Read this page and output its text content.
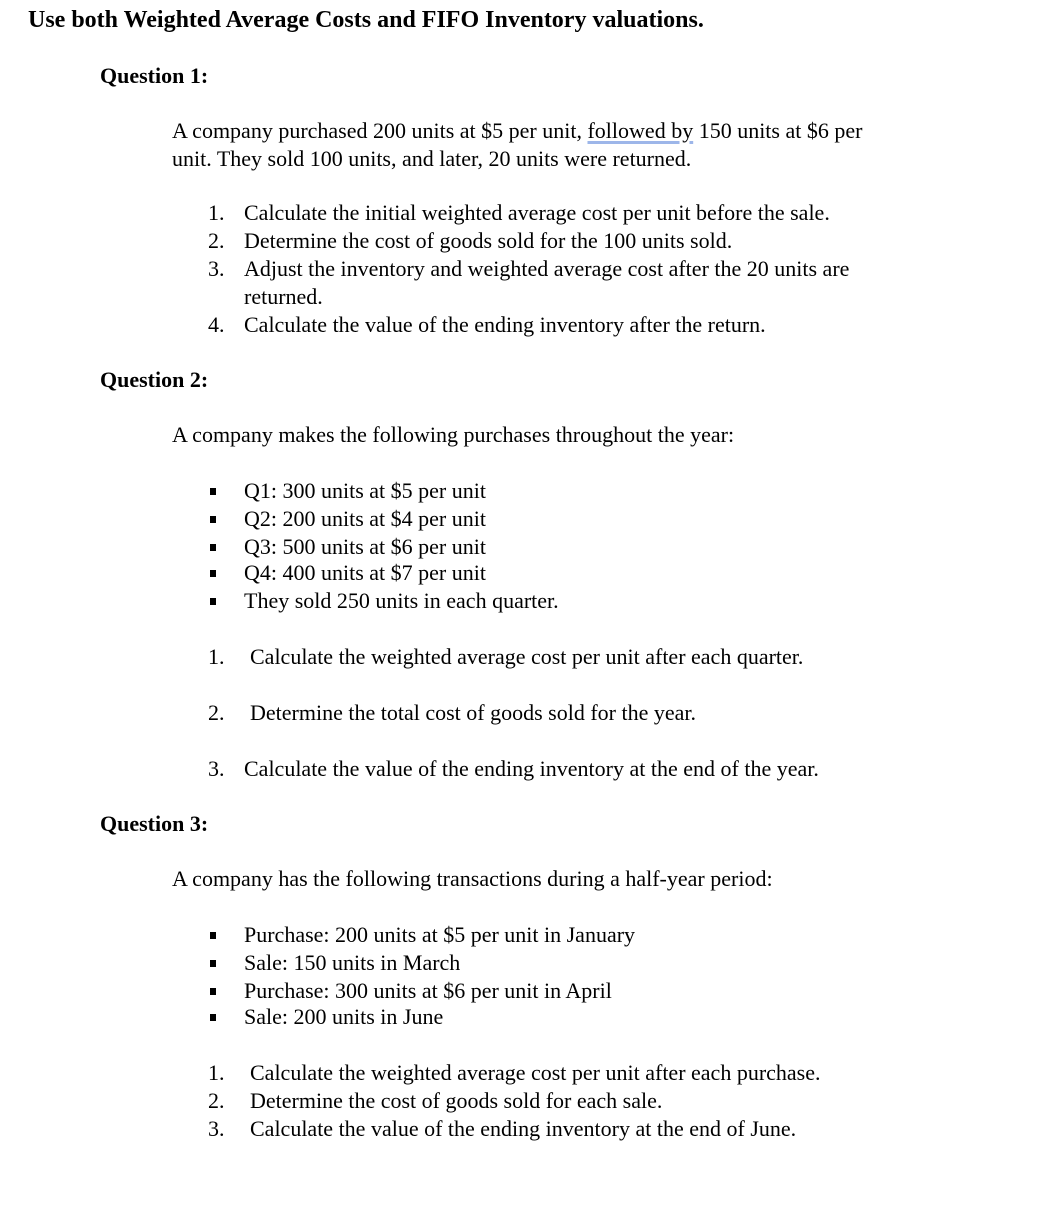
Use both Weighted Average Costs and FIFO Inventory valuations.
Question 1:
A company purchased 200 units at $5 per unit, followed by 150 units at $6 per
unit. They sold 100 units, and later, 20 units were returned.
1. Calculate the initial weighted average cost per unit before the sale.
2. Determine the cost of goods sold for the 100 units sold.
3. Adjust the inventory and weighted average cost after the 20 units are
returned.
4. Calculate the value of the ending inventory after the return.
Question 2:
A company makes the following purchases throughout the year:
Q1: 300 units at $5 per unit
Q2: 200 units at $4 per unit
Q3: 500 units at $6 per unit
Q4: 400 units at $7 per unit
They sold 250 units in each quarter.
1. Calculate the weighted average cost per unit after each quarter.
2. Determine the total cost of goods sold for the year.
3. Calculate the value of the ending inventory at the end of the year.
Question 3:
A company has the following transactions during a half-year period:
Purchase: 200 units at $5 per unit in January
Sale: 150 units in March
Purchase: 300 units at $6 per unit in April
Sale: 200 units in June
1. Calculate the weighted average cost per unit after each purchase.
2. Determine the cost of goods sold for each sale.
3. Calculate the value of the ending inventory at the end of June.
